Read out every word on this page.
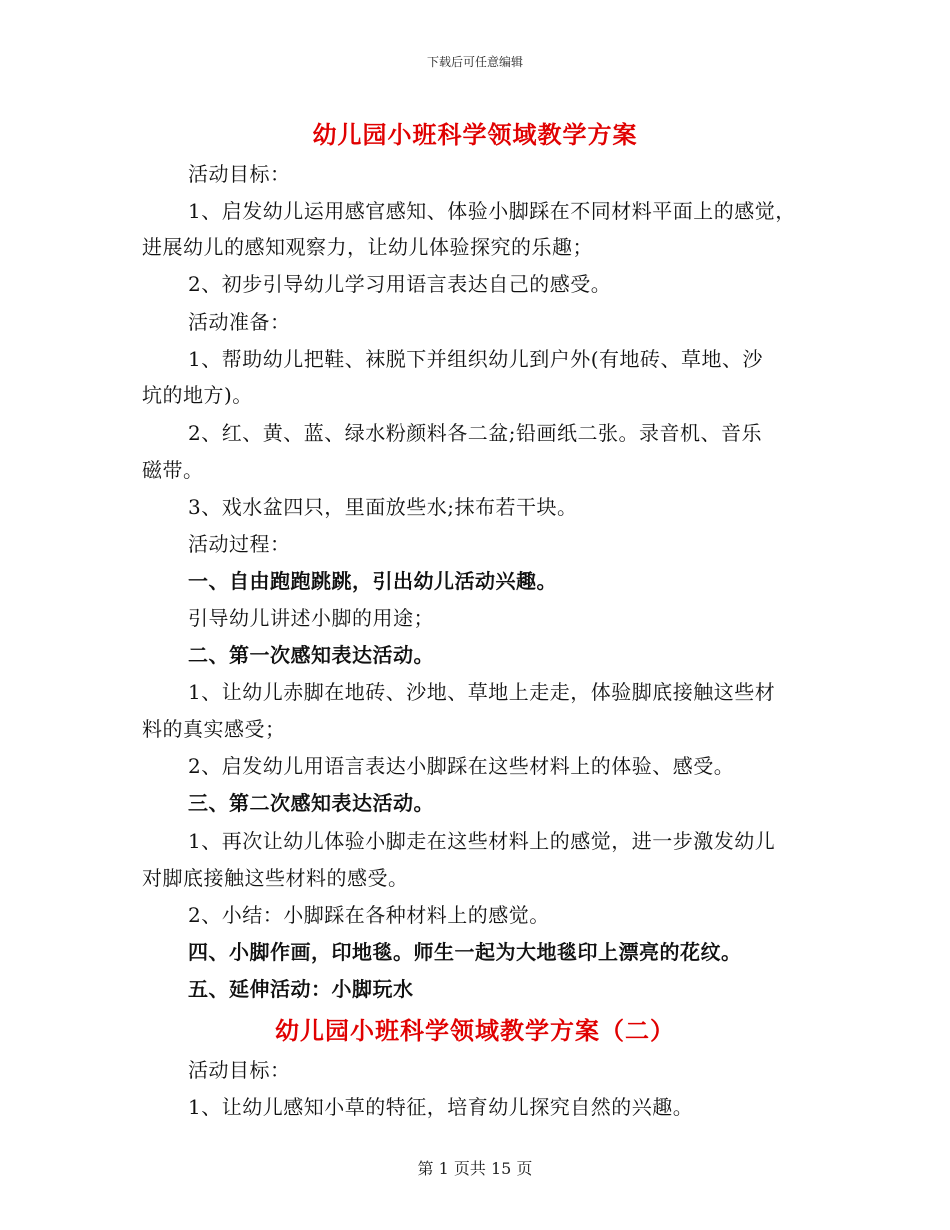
下载后可任意编辑
幼儿园小班科学领域教学方案
活动目标：
1、启发幼儿运用感官感知、体验小脚踩在不同材料平面上的感觉，
进展幼儿的感知观察力，让幼儿体验探究的乐趣；
2、初步引导幼儿学习用语言表达自己的感受。
活动准备：
1、帮助幼儿把鞋、袜脱下并组织幼儿到户外(有地砖、草地、沙
坑的地方)。
2、红、黄、蓝、绿水粉颜料各二盆;铅画纸二张。录音机、音乐
磁带。
3、戏水盆四只，里面放些水;抹布若干块。
活动过程：
一、自由跑跑跳跳，引出幼儿活动兴趣。
引导幼儿讲述小脚的用途；
二、第一次感知表达活动。
1、让幼儿赤脚在地砖、沙地、草地上走走，体验脚底接触这些材
料的真实感受；
2、启发幼儿用语言表达小脚踩在这些材料上的体验、感受。
三、第二次感知表达活动。
1、再次让幼儿体验小脚走在这些材料上的感觉，进一步激发幼儿
对脚底接触这些材料的感受。
2、小结：小脚踩在各种材料上的感觉。
四、小脚作画，印地毯。师生一起为大地毯印上漂亮的花纹。
五、延伸活动：小脚玩水
幼儿园小班科学领域教学方案（二）
活动目标：
1、让幼儿感知小草的特征，培育幼儿探究自然的兴趣。
第 1 页共 15 页
